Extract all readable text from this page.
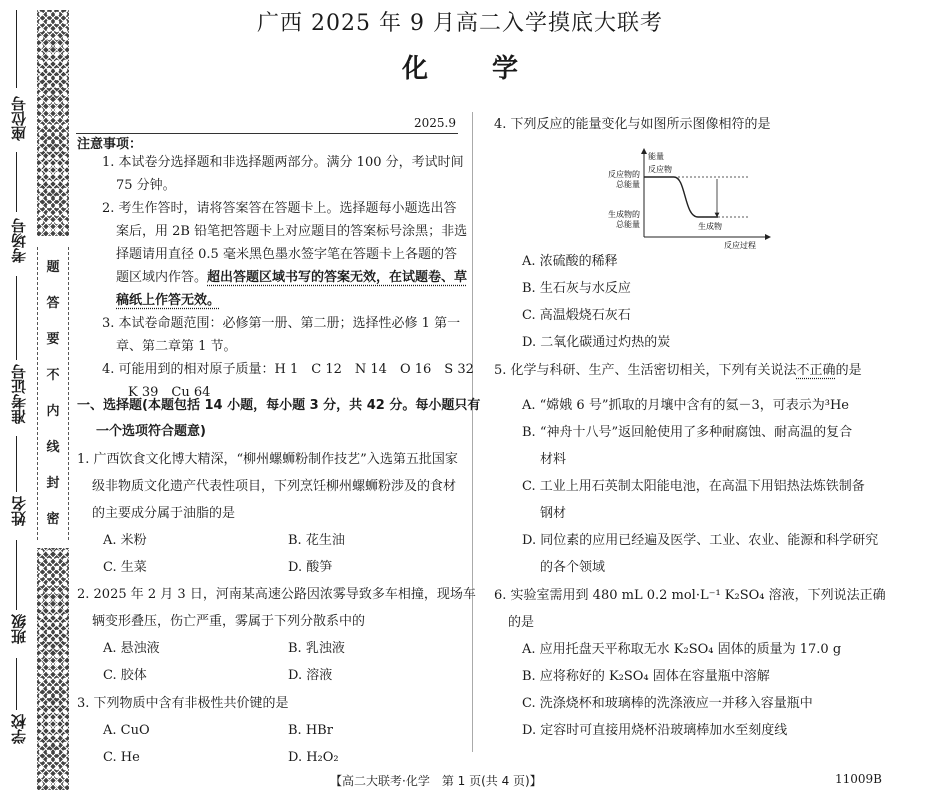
题
答
要
不
内
线
封
密
座位号
考场号
准考证号
姓名
班级
学校
广西 2025 年 9 月高二入学摸底大联考
化 学
2025.9
注意事项：
1. 本试卷分选择题和非选择题两部分。满分 100 分，考试时间
75 分钟。
2. 考生作答时，请将答案答在答题卡上。选择题每小题选出答
案后，用 2B 铅笔把答题卡上对应题目的答案标号涂黑；非选
择题请用直径 0.5 毫米黑色墨水签字笔在答题卡上各题的答
题区域内作答。超出答题区域书写的答案无效，在试题卷、草
稿纸上作答无效。
3. 本试卷命题范围：必修第一册、第二册；选择性必修 1 第一
章、第二章第 1 节。
4. 可能用到的相对原子质量：H 1　C 12　N 14　O 16　S 32
K 39　Cu 64
一、选择题(本题包括 14 小题，每小题 3 分，共 42 分。每小题只有
一个选项符合题意)
1. 广西饮食文化博大精深，“柳州螺蛳粉制作技艺”入选第五批国家
级非物质文化遗产代表性项目，下列烹饪柳州螺蛳粉涉及的食材
的主要成分属于油脂的是
A. 米粉	B. 花生油
C. 生菜	D. 酸笋
2. 2025 年 2 月 3 日，河南某高速公路因浓雾导致多车相撞，现场车
辆变形叠压，伤亡严重，雾属于下列分散系中的
A. 悬浊液	B. 乳浊液
C. 胶体	D. 溶液
3. 下列物质中含有非极性共价键的是
A. CuO	B. HBr
C. He	D. H₂O₂
4. 下列反应的能量变化与如图所示图像相符的是
能量
反应物
反应物的
总能量
生成物的
总能量	生成物
反应过程
A. 浓硫酸的稀释
B. 生石灰与水反应
C. 高温煅烧石灰石
D. 二氧化碳通过灼热的炭
5. 化学与科研、生产、生活密切相关，下列有关说法不正确的是
A. “嫦娥 6 号”抓取的月壤中含有的氦－3，可表示为³He
B. “神舟十八号”返回舱使用了多种耐腐蚀、耐高温的复合
材料
C. 工业上用石英制太阳能电池，在高温下用铝热法炼铁制备
钢材
D. 同位素的应用已经遍及医学、工业、农业、能源和科学研究
的各个领域
6. 实验室需用到 480 mL 0.2 mol·L⁻¹ K₂SO₄ 溶液，下列说法正确
的是
A. 应用托盘天平称取无水 K₂SO₄ 固体的质量为 17.0 g
B. 应将称好的 K₂SO₄ 固体在容量瓶中溶解
C. 洗涤烧杯和玻璃棒的洗涤液应一并移入容量瓶中
D. 定容时可直接用烧杯沿玻璃棒加水至刻度线
【高二大联考·化学　第 1 页(共 4 页)】	11009B
